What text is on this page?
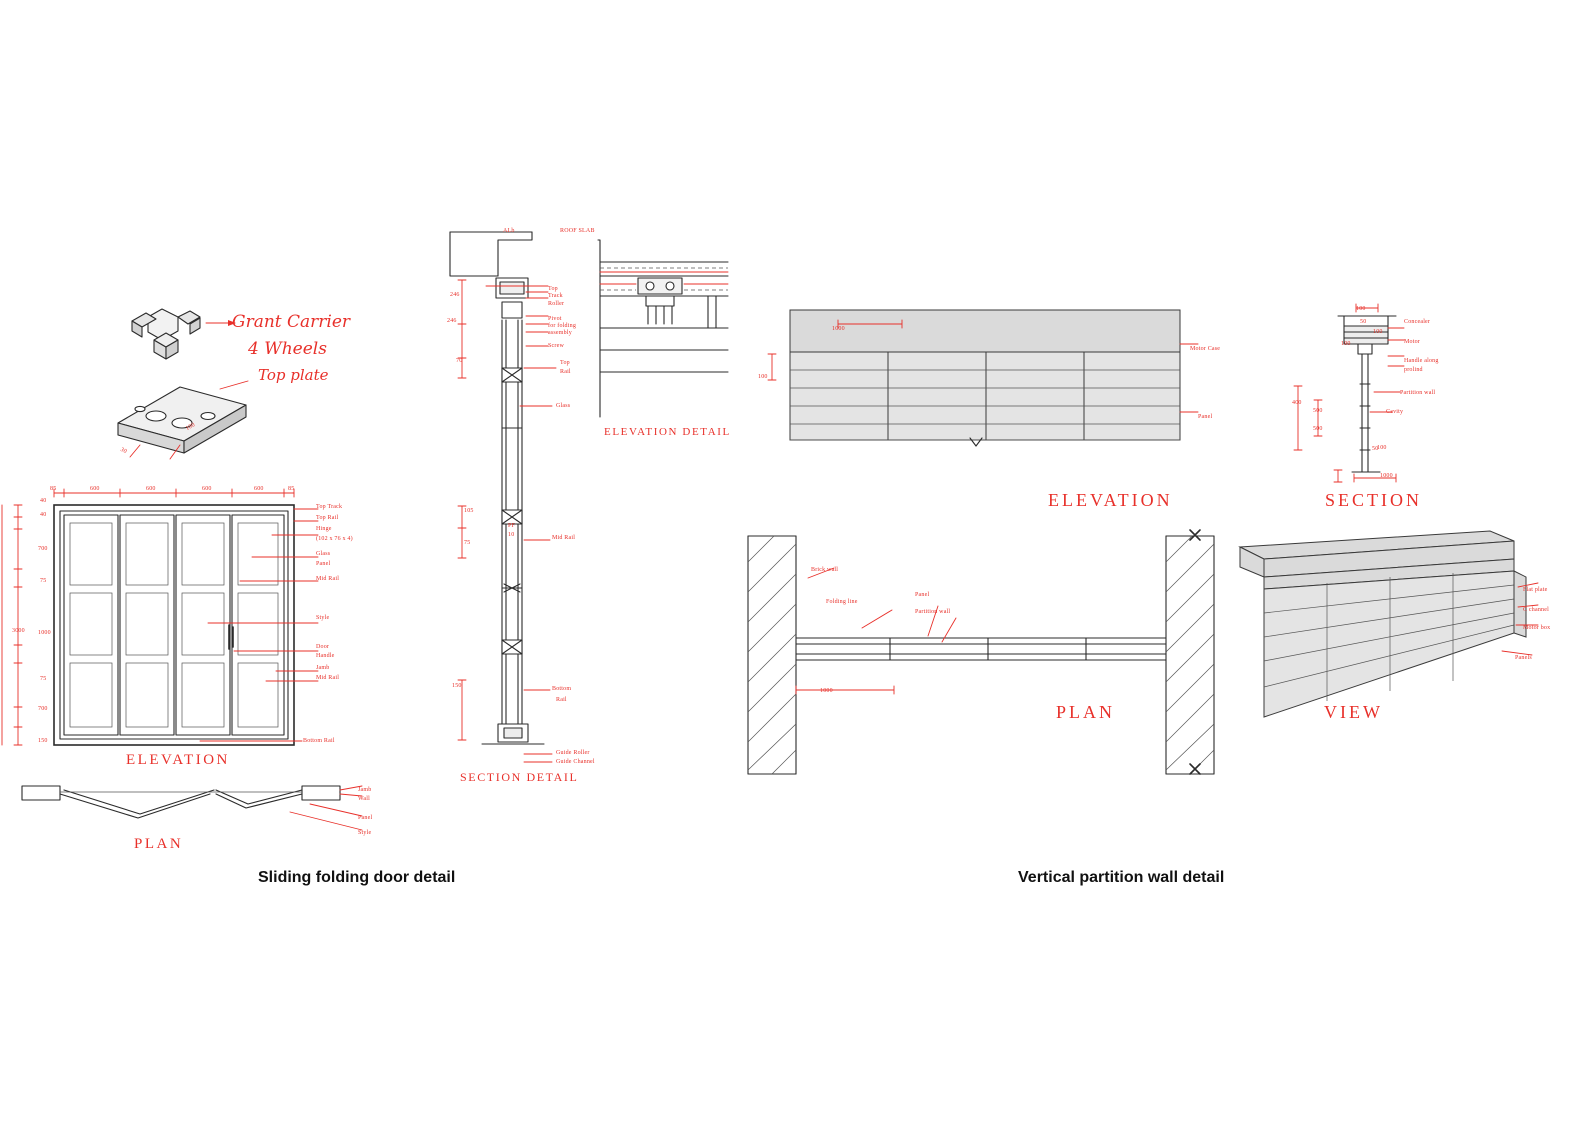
Grant Carrier
4 Wheels
Top plate
100
30
85	600	600	600	600	85
40
40
700
75
1000
75
700
150
3000
Top Track
Top Rail
Hinge
(102 x 76 x 4)
Glass
Panel
Mid Rail
Style
Door
Handle
Jamb
Mid Rail
Bottom Rail
ELEVATION
Jamb
Wall
Panel
Style
PLAN
ALb	ROOF SLAB
246
246
70
105
75
150
PF
10
Top
Track
Roller
Pivot
for folding
assembly
Screw
Top
Rail
Glass
Mid Rail
Bottom
Rail
Guide Roller
Guide Channel
SECTION DETAIL
ELEVATION DETAIL
1000
100
Motor Case
Panel
ELEVATION
100
50
100
100
400
500
500
50
1000
Concealer
Motor
Handle along
prolind
Partition wall
Cavity
100
SECTION
Brick wall
Folding line
Panel
Partition wall
1000
PLAN
Flat plate
C channel
Motor box
Panels
VIEW
Sliding folding door detail	Vertical partition wall detail
